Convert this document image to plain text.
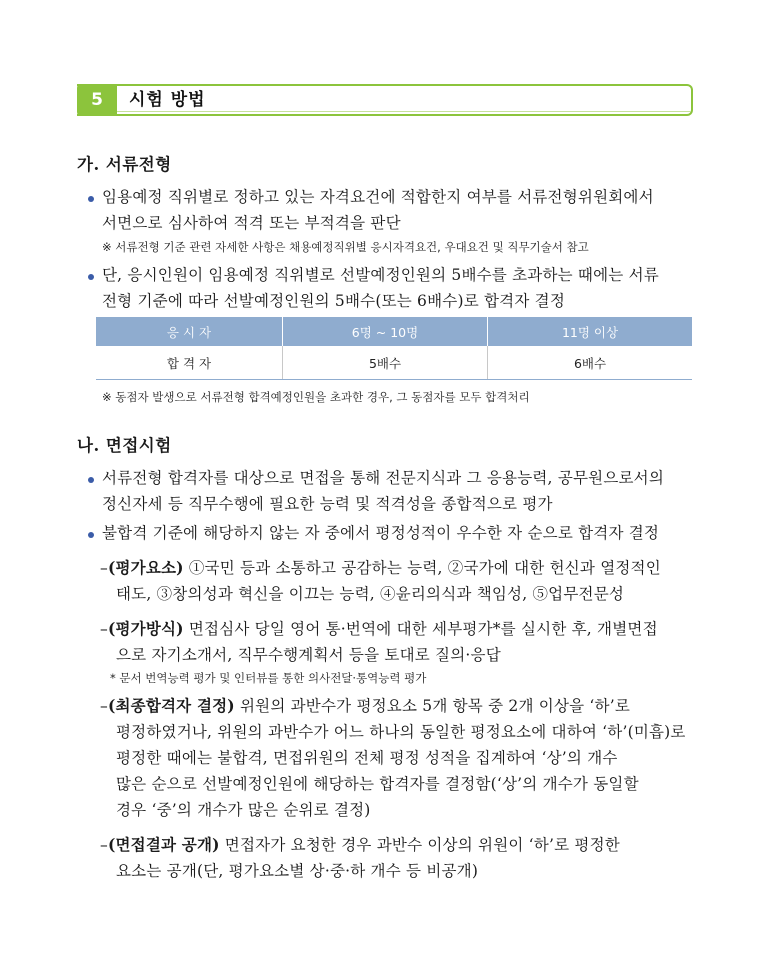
5	시험 방법
가. 서류전형
임용예정 직위별로 정하고 있는 자격요건에 적합한지 여부를 서류전형위원회에서
서면으로 심사하여 적격 또는 부적격을 판단
※ 서류전형 기준 관련 자세한 사항은 채용예정직위별 응시자격요건, 우대요건 및 직무기술서 참고
단, 응시인원이 임용예정 직위별로 선발예정인원의 5배수를 초과하는 때에는 서류
전형 기준에 따라 선발예정인원의 5배수(또는 6배수)로 합격자 결정
응 시 자	6명 ~ 10명	11명 이상
합 격 자	5배수	6배수
※ 동점자 발생으로 서류전형 합격예정인원을 초과한 경우, 그 동점자를 모두 합격처리
나. 면접시험
서류전형 합격자를 대상으로 면접을 통해 전문지식과 그 응용능력, 공무원으로서의
정신자세 등 직무수행에 필요한 능력 및 적격성을 종합적으로 평가
불합격 기준에 해당하지 않는 자 중에서 평정성적이 우수한 자 순으로 합격자 결정
–(평가요소) ①국민 등과 소통하고 공감하는 능력, ②국가에 대한 헌신과 열정적인
태도, ③창의성과 혁신을 이끄는 능력, ④윤리의식과 책임성, ⑤업무전문성
–(평가방식) 면접심사 당일 영어 통·번역에 대한 세부평가*를 실시한 후, 개별면접
으로 자기소개서, 직무수행계획서 등을 토대로 질의·응답
* 문서 번역능력 평가 및 인터뷰를 통한 의사전달·통역능력 평가
–(최종합격자 결정) 위원의 과반수가 평정요소 5개 항목 중 2개 이상을 ‘하’로
평정하였거나, 위원의 과반수가 어느 하나의 동일한 평정요소에 대하여 ‘하’(미흡)로
평정한 때에는 불합격, 면접위원의 전체 평정 성적을 집계하여 ‘상’의 개수
많은 순으로 선발예정인원에 해당하는 합격자를 결정함(‘상’의 개수가 동일할
경우 ‘중’의 개수가 많은 순위로 결정)
–(면접결과 공개) 면접자가 요청한 경우 과반수 이상의 위원이 ‘하’로 평정한
요소는 공개(단, 평가요소별 상·중·하 개수 등 비공개)
